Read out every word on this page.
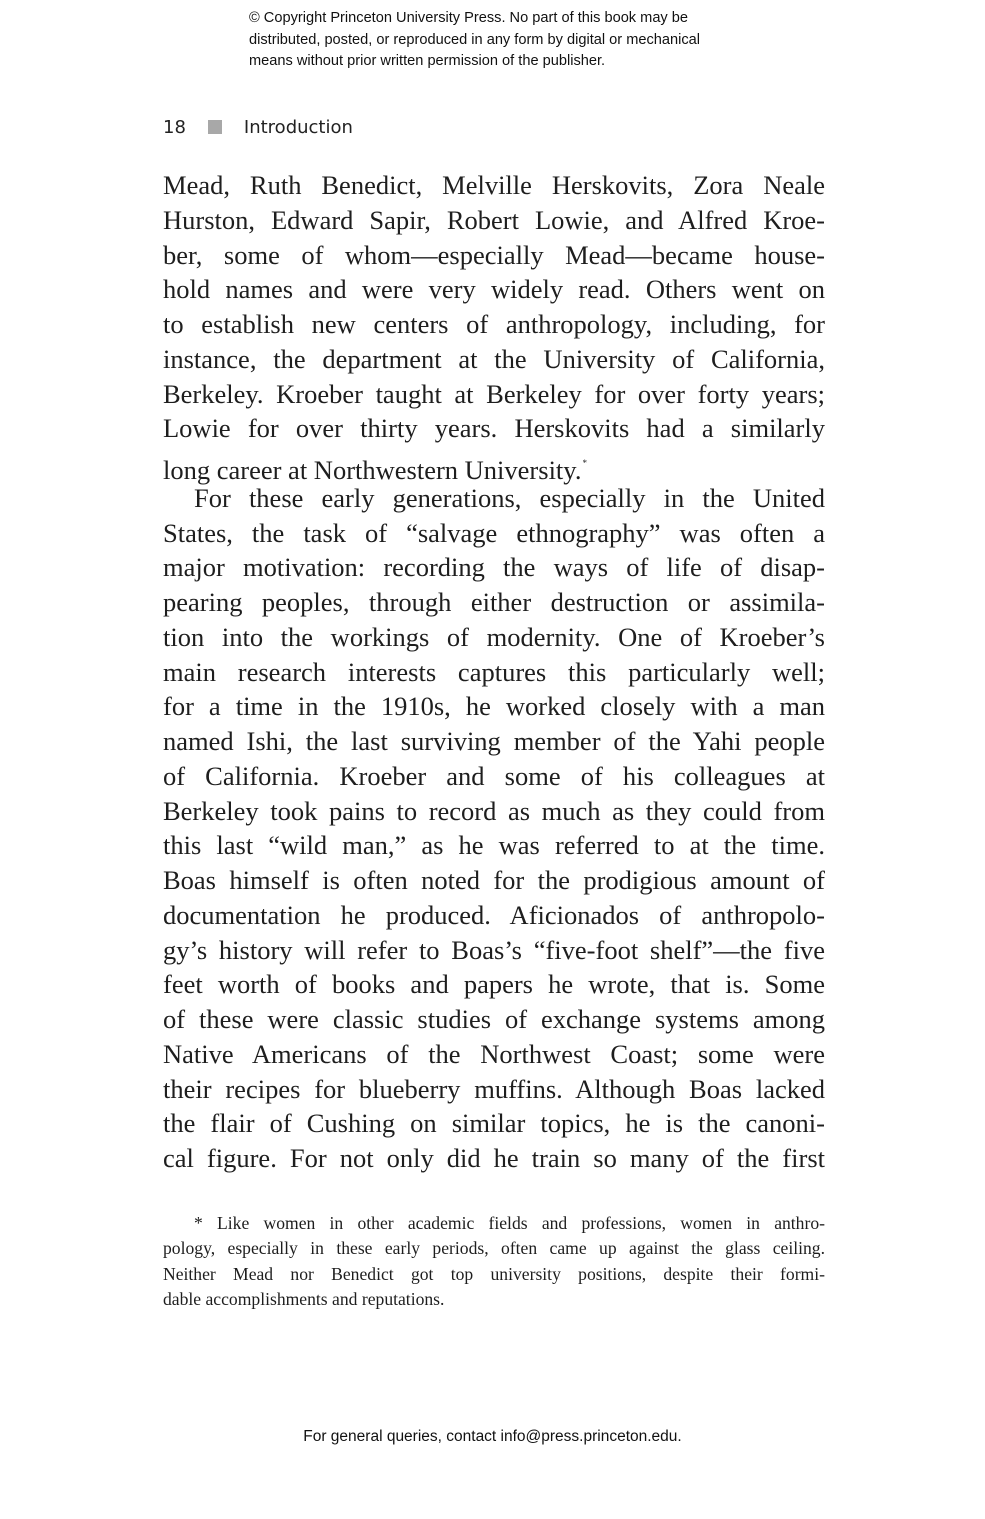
© Copyright Princeton University Press. No part of this book may be
distributed, posted, or reproduced in any form by digital or mechanical
means without prior written permission of the publisher.
18	Introduction
Mead, Ruth Benedict, Melville Herskovits, Zora Neale
Hurston, Edward Sapir, Robert Lowie, and Alfred Kroe-
ber, some of whom—especially Mead—became house-
hold names and were very widely read. Others went on
to establish new centers of anthropology, including, for
instance, the department at the University of California,
Berkeley. Kroeber taught at Berkeley for over forty years;
Lowie for over thirty years. Herskovits had a similarly
long career at Northwestern University.*
For these early generations, especially in the United
States, the task of “salvage ethnography” was often a
major motivation: recording the ways of life of disap-
pearing peoples, through either destruction or assimila-
tion into the workings of modernity. One of Kroeber’s
main research interests captures this particularly well;
for a time in the 1910s, he worked closely with a man
named Ishi, the last surviving member of the Yahi people
of California. Kroeber and some of his colleagues at
Berkeley took pains to record as much as they could from
this last “wild man,” as he was referred to at the time.
Boas himself is often noted for the prodigious amount of
documentation he produced. Aficionados of anthropolo-
gy’s history will refer to Boas’s “five-foot shelf”—the five
feet worth of books and papers he wrote, that is. Some
of these were classic studies of exchange systems among
Native Americans of the Northwest Coast; some were
their recipes for blueberry muffins. Although Boas lacked
the flair of Cushing on similar topics, he is the canoni-
cal figure. For not only did he train so many of the first
* Like women in other academic fields and professions, women in anthro-
pology, especially in these early periods, often came up against the glass ceiling.
Neither Mead nor Benedict got top university positions, despite their formi-
dable accomplishments and reputations.
For general queries, contact info@press.princeton.edu.
